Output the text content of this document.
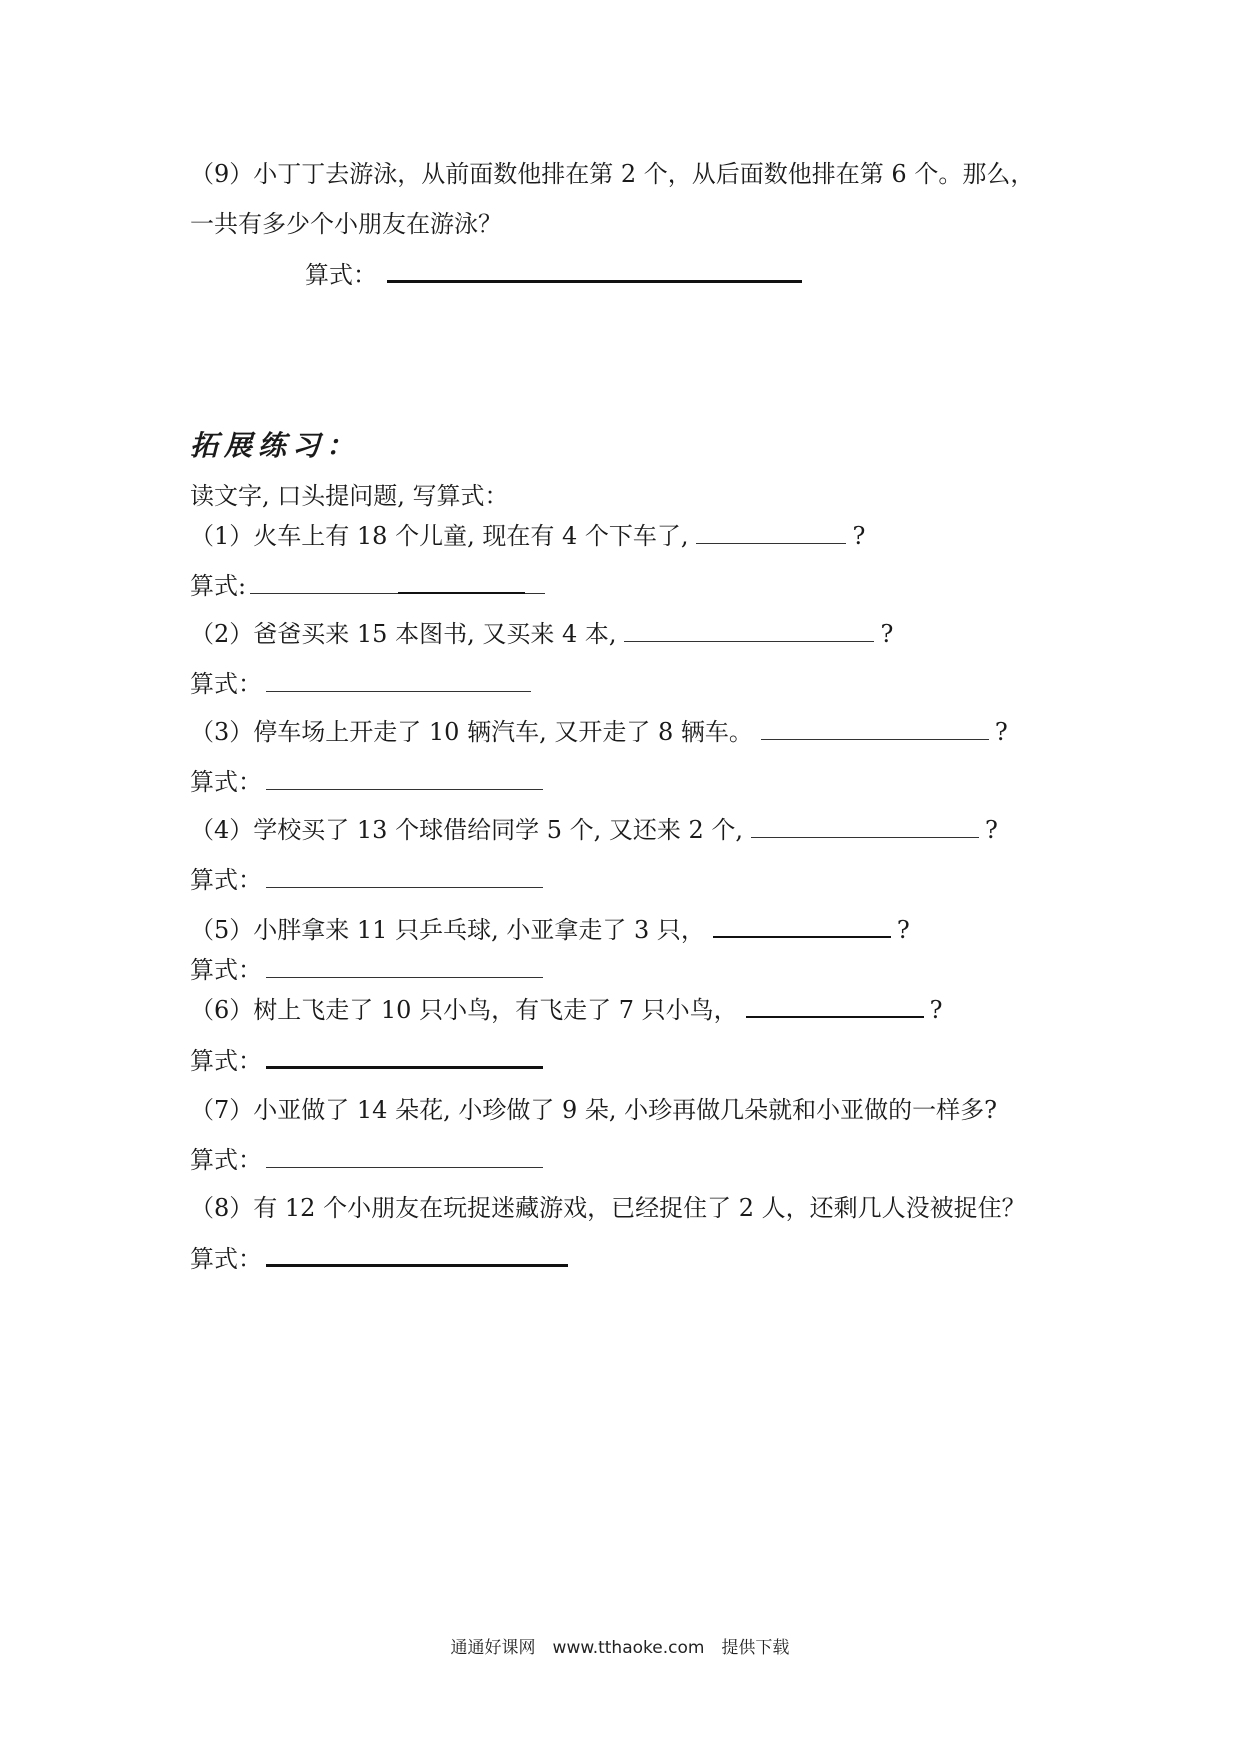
（9）小丁丁去游泳，从前面数他排在第 2 个，从后面数他排在第 6 个。那么，
一共有多少个小朋友在游泳？
算式：
拓展练习：
读文字, 口头提问题, 写算式：
（1）火车上有 18 个儿童, 现在有 4 个下车了,	?
算式:
（2）爸爸买来 15 本图书, 又买来 4 本,	?
算式：
（3）停车场上开走了 10 辆汽车, 又开走了 8 辆车。	?
算式：
（4）学校买了 13 个球借给同学 5 个, 又还来 2 个,	?
算式：
（5）小胖拿来 11 只乒乓球, 小亚拿走了 3 只，	?
算式：
（6）树上飞走了 10 只小鸟，有飞走了 7 只小鸟，	?
算式：
（7）小亚做了 14 朵花, 小珍做了 9 朵, 小珍再做几朵就和小亚做的一样多?
算式：
（8）有 12 个小朋友在玩捉迷藏游戏，已经捉住了 2 人，还剩几人没被捉住？
算式：
通通好课网　www.tthaoke.com　提供下载
